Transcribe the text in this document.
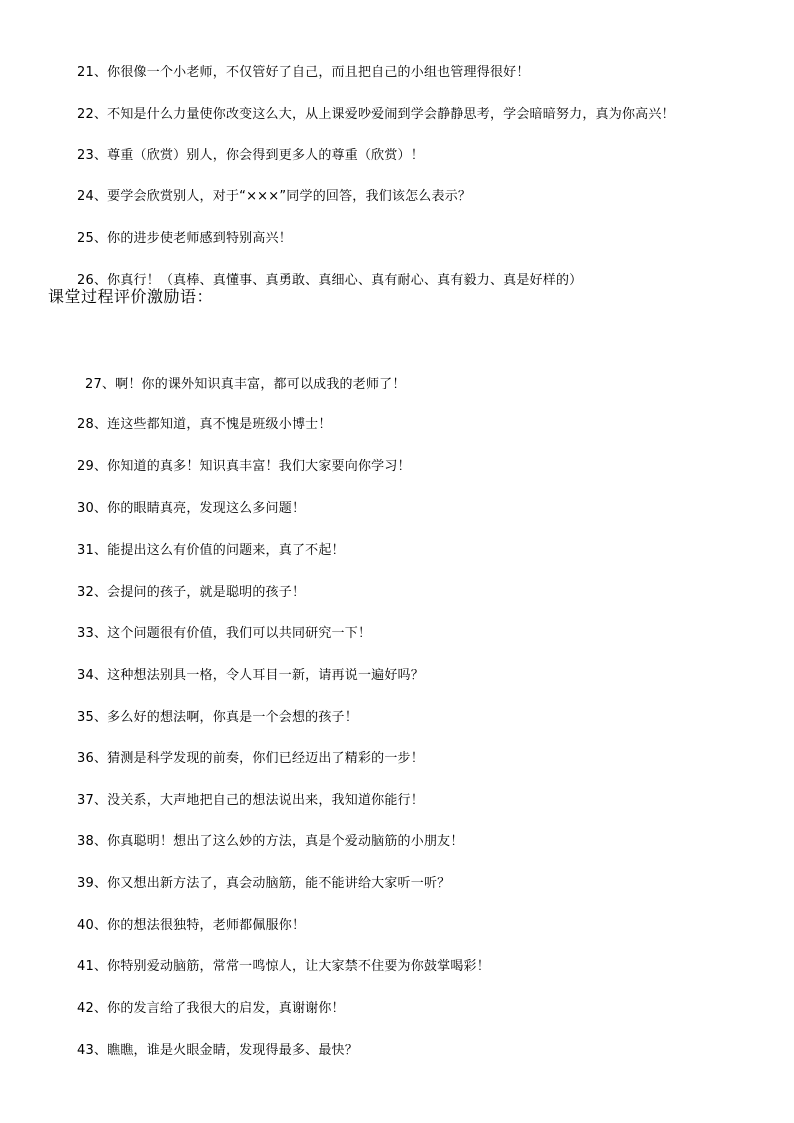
21、你很像一个小老师，不仅管好了自己，而且把自己的小组也管理得很好！

22、不知是什么力量使你改变这么大，从上课爱吵爱闹到学会静静思考，学会暗暗努力，真为你高兴！

23、尊重（欣赏）别人，你会得到更多人的尊重（欣赏）！

24、要学会欣赏别人，对于“×××”同学的回答，我们该怎么表示？

25、你的进步使老师感到特别高兴！

26、你真行！（真棒、真懂事、真勇敢、真细心、真有耐心、真有毅力、真是好样的）

课堂过程评价激励语：

27、啊！你的课外知识真丰富，都可以成我的老师了！

28、连这些都知道，真不愧是班级小博士！

29、你知道的真多！知识真丰富！我们大家要向你学习！

30、你的眼睛真亮，发现这么多问题！

31、能提出这么有价值的问题来，真了不起！

32、会提问的孩子，就是聪明的孩子！

33、这个问题很有价值，我们可以共同研究一下！

34、这种想法别具一格，令人耳目一新，请再说一遍好吗？

35、多么好的想法啊，你真是一个会想的孩子！

36、猜测是科学发现的前奏，你们已经迈出了精彩的一步！

37、没关系，大声地把自己的想法说出来，我知道你能行！

38、你真聪明！想出了这么妙的方法，真是个爱动脑筋的小朋友！

39、你又想出新方法了，真会动脑筋，能不能讲给大家听一听？

40、你的想法很独特，老师都佩服你！

41、你特别爱动脑筋，常常一鸣惊人，让大家禁不住要为你鼓掌喝彩！

42、你的发言给了我很大的启发，真谢谢你！

43、瞧瞧，谁是火眼金睛，发现得最多、最快？
